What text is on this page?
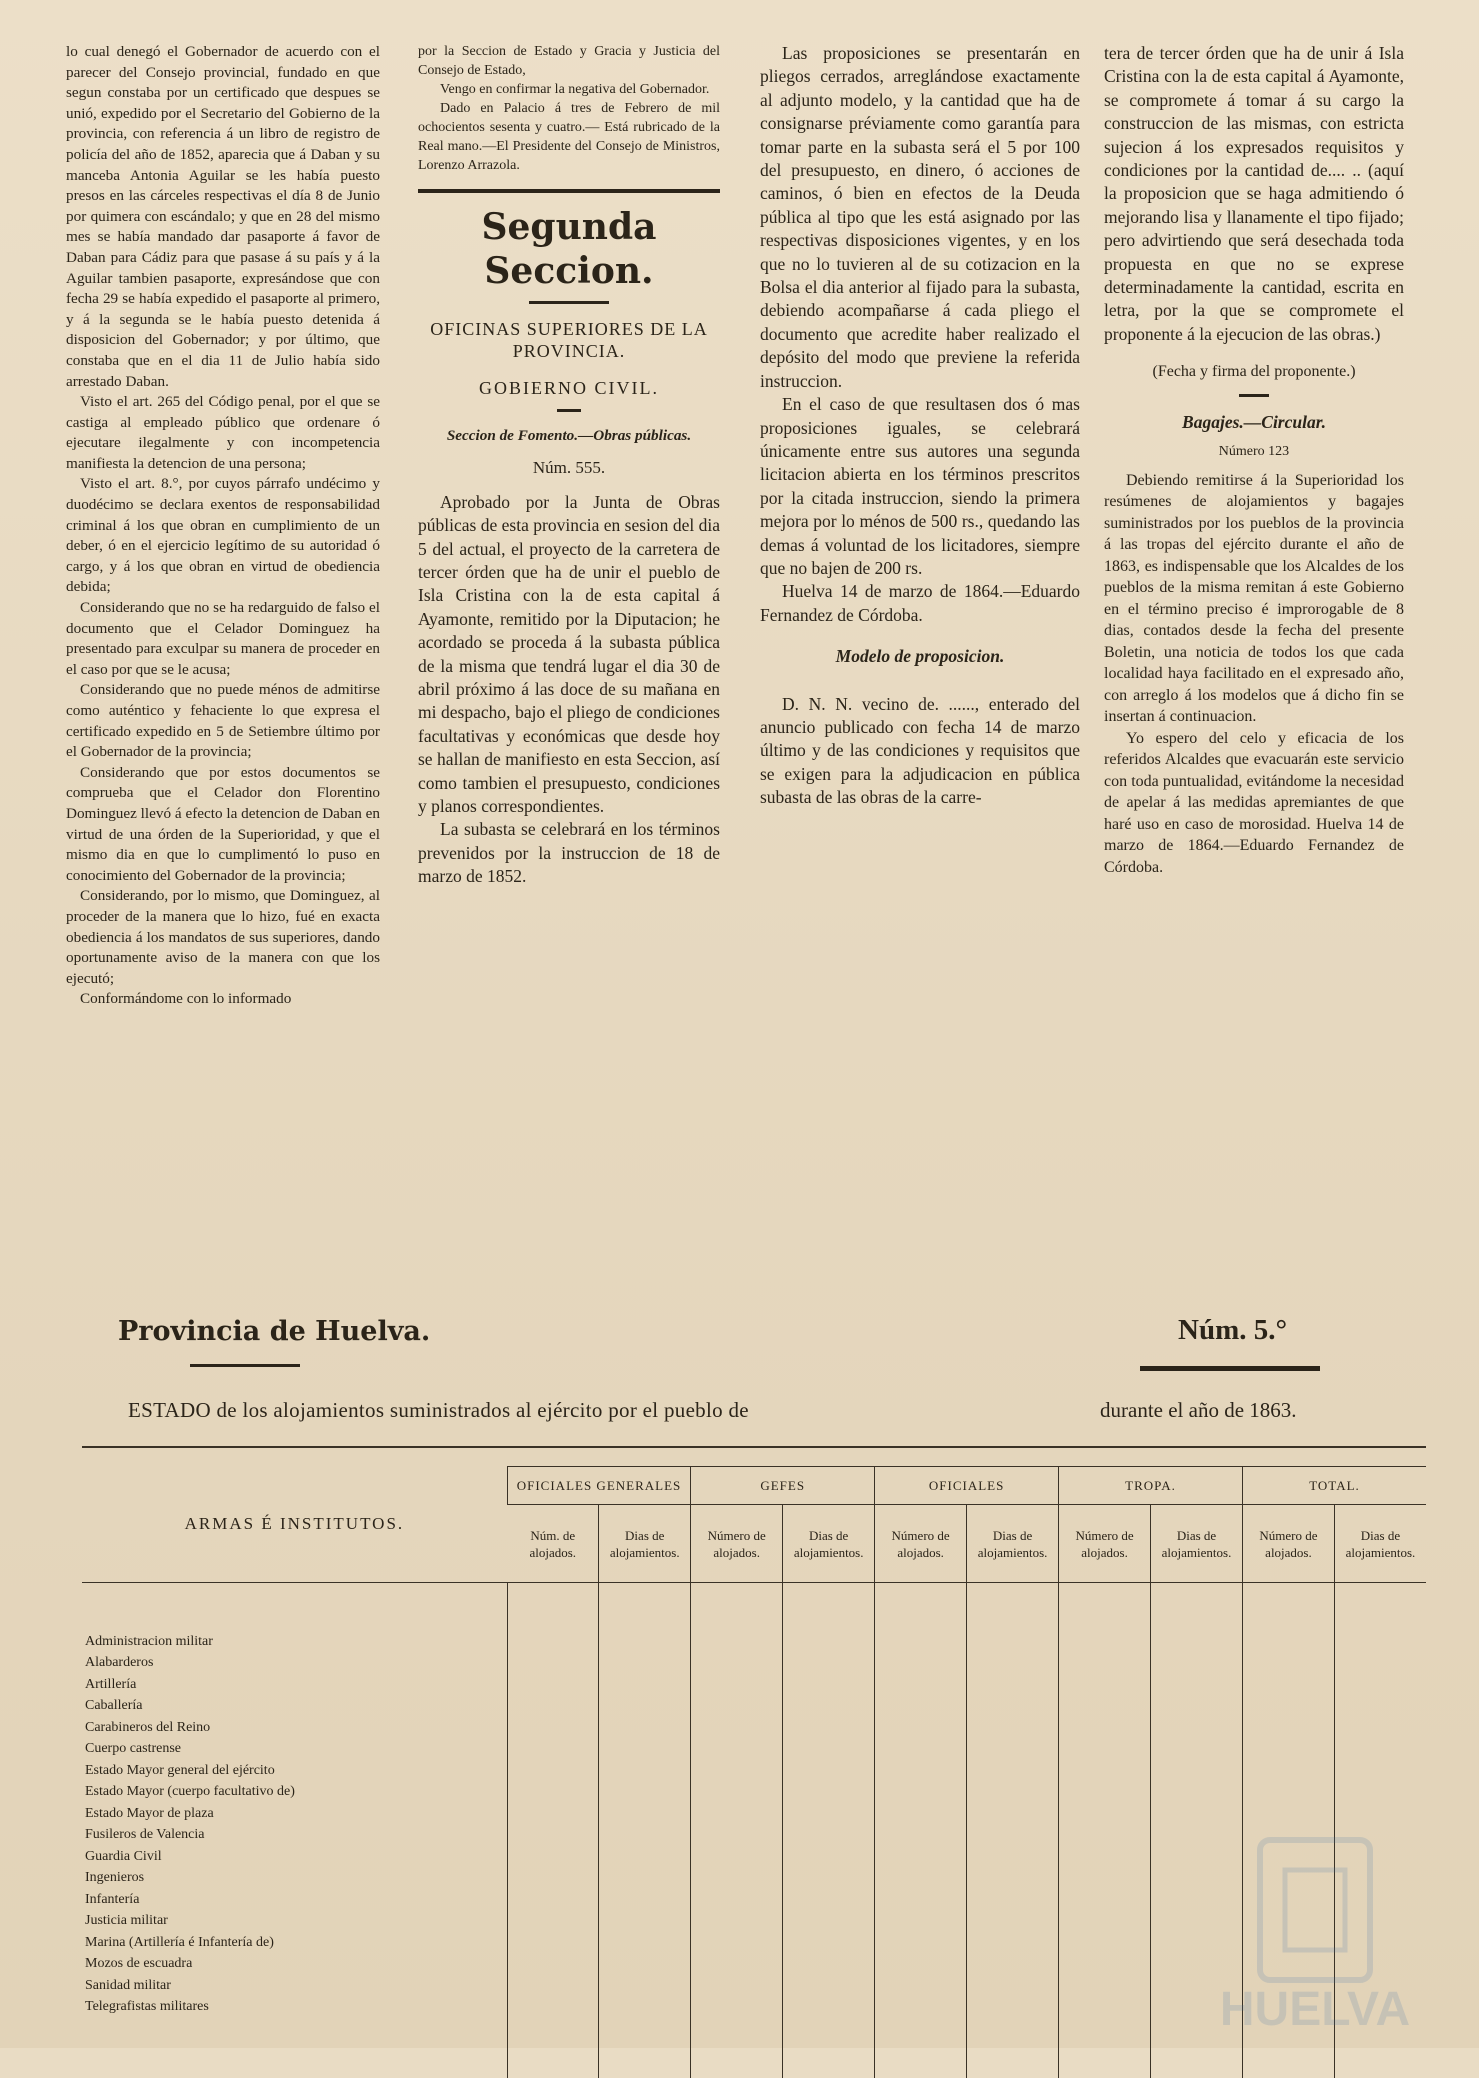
lo cual denegó el Gobernador de acuerdo con el parecer del Consejo provincial, fundado en que segun constaba por un certificado que despues se unió, expedido por el Secretario del Gobierno de la provincia, con referencia á un libro de registro de policía del año de 1852, aparecia que á Daban y su manceba Antonia Aguilar se les había puesto presos en las cárceles respectivas el día 8 de Junio por quimera con escándalo; y que en 28 del mismo mes se había mandado dar pasaporte á favor de Daban para Cádiz para que pasase á su país y á la Aguilar tambien pasaporte, expresándose que con fecha 29 se había expedido el pasaporte al primero, y á la segunda se le había puesto detenida á disposicion del Gobernador; y por último, que constaba que en el dia 11 de Julio había sido arrestado Daban.

Visto el art. 265 del Código penal, por el que se castiga al empleado público que ordenare ó ejecutare ilegalmente y con incompetencia manifiesta la detencion de una persona;

Visto el art. 8.°, por cuyos párrafo undécimo y duodécimo se declara exentos de responsabilidad criminal á los que obran en cumplimiento de un deber, ó en el ejercicio legítimo de su autoridad ó cargo, y á los que obran en virtud de obediencia debida;

Considerando que no se ha redarguido de falso el documento que el Celador Dominguez ha presentado para exculpar su manera de proceder en el caso por que se le acusa;

Considerando que no puede ménos de admitirse como auténtico y fehaciente lo que expresa el certificado expedido en 5 de Setiembre último por el Gobernador de la provincia;

Considerando que por estos documentos se comprueba que el Celador don Florentino Dominguez llevó á efecto la detencion de Daban en virtud de una órden de la Superioridad, y que el mismo dia en que lo cumplimentó lo puso en conocimiento del Gobernador de la provincia;

Considerando, por lo mismo, que Dominguez, al proceder de la manera que lo hizo, fué en exacta obediencia á los mandatos de sus superiores, dando oportunamente aviso de la manera con que los ejecutó;

Conformándome con lo informado

por la Seccion de Estado y Gracia y Justicia del Consejo de Estado,

Vengo en confirmar la negativa del Gobernador.

Dado en Palacio á tres de Febrero de mil ochocientos sesenta y cuatro.— Está rubricado de la Real mano.—El Presidente del Consejo de Ministros, Lorenzo Arrazola.

Segunda Seccion.
OFICINAS SUPERIORES DE LA PROVINCIA.
GOBIERNO CIVIL.
Seccion de Fomento.—Obras públicas.
Núm. 555.

Aprobado por la Junta de Obras públicas de esta provincia en sesion del dia 5 del actual, el proyecto de la carretera de tercer órden que ha de unir el pueblo de Isla Cristina con la de esta capital á Ayamonte, remitido por la Diputacion; he acordado se proceda á la subasta pública de la misma que tendrá lugar el dia 30 de abril próximo á las doce de su mañana en mi despacho, bajo el pliego de condiciones facultativas y económicas que desde hoy se hallan de manifiesto en esta Seccion, así como tambien el presupuesto, condiciones y planos correspondientes.

La subasta se celebrará en los términos prevenidos por la instruccion de 18 de marzo de 1852.

Las proposiciones se presentarán en pliegos cerrados, arreglándose exactamente al adjunto modelo, y la cantidad que ha de consignarse préviamente como garantía para tomar parte en la subasta será el 5 por 100 del presupuesto, en dinero, ó acciones de caminos, ó bien en efectos de la Deuda pública al tipo que les está asignado por las respectivas disposiciones vigentes, y en los que no lo tuvieren al de su cotizacion en la Bolsa el dia anterior al fijado para la subasta, debiendo acompañarse á cada pliego el documento que acredite haber realizado el depósito del modo que previene la referida instruccion.

En el caso de que resultasen dos ó mas proposiciones iguales, se celebrará únicamente entre sus autores una segunda licitacion abierta en los términos prescritos por la citada instruccion, siendo la primera mejora por lo ménos de 500 rs., quedando las demas á voluntad de los licitadores, siempre que no bajen de 200 rs.

Huelva 14 de marzo de 1864.—Eduardo Fernandez de Córdoba.

Modelo de proposicion.

D. N. N. vecino de. ......, enterado del anuncio publicado con fecha 14 de marzo último y de las condiciones y requisitos que se exigen para la adjudicacion en pública subasta de las obras de la carre-

tera de tercer órden que ha de unir á Isla Cristina con la de esta capital á Ayamonte, se compromete á tomar á su cargo la construccion de las mismas, con estricta sujecion á los expresados requisitos y condiciones por la cantidad de.... .. (aquí la proposicion que se haga admitiendo ó mejorando lisa y llanamente el tipo fijado; pero advirtiendo que será desechada toda propuesta en que no se exprese determinadamente la cantidad, escrita en letra, por la que se compromete el proponente á la ejecucion de las obras.)

(Fecha y firma del proponente.)
Bagajes.—Circular.
Número 123

Debiendo remitirse á la Superioridad los resúmenes de alojamientos y bagajes suministrados por los pueblos de la provincia á las tropas del ejército durante el año de 1863, es indispensable que los Alcaldes de los pueblos de la misma remitan á este Gobierno en el término preciso é improrogable de 8 dias, contados desde la fecha del presente Boletin, una noticia de todos los que cada localidad haya facilitado en el expresado año, con arreglo á los modelos que á dicho fin se insertan á continuacion.

Yo espero del celo y eficacia de los referidos Alcaldes que evacuarán este servicio con toda puntualidad, evitándome la necesidad de apelar á las medidas apremiantes de que haré uso en caso de morosidad. Huelva 14 de marzo de 1864.—Eduardo Fernandez de Córdoba.

Provincia de Huelva.	Núm. 5.°
ESTADO de los alojamientos suministrados al ejército por el pueblo de	durante el año de 1863.
ARMAS É INSTITUTOS.	OFICIALES GENERALES		GEFES		OFICIALES		TROPA.		TOTAL.	
	Núm. de alojados.	Dias de alojamientos.	Número de alojados.	Dias de alojamientos.	Número de alojados.	Dias de alojamientos.	Número de alojados.	Dias de alojamientos.	Número de alojados.	Dias de alojamientos.

Administracion militar										
Alabarderos										
Artillería										
Caballería										
Carabineros del Reino										
Cuerpo castrense										
Estado Mayor general del ejército										
Estado Mayor (cuerpo facultativo de)										
Estado Mayor de plaza										
Fusileros de Valencia										
Guardia Civil										
Ingenieros										
Infantería										
Justicia militar										
Marina (Artillería é Infantería de)										
Mozos de escuadra										
Sanidad militar										
Telegrafistas militares										
											HUELVA
